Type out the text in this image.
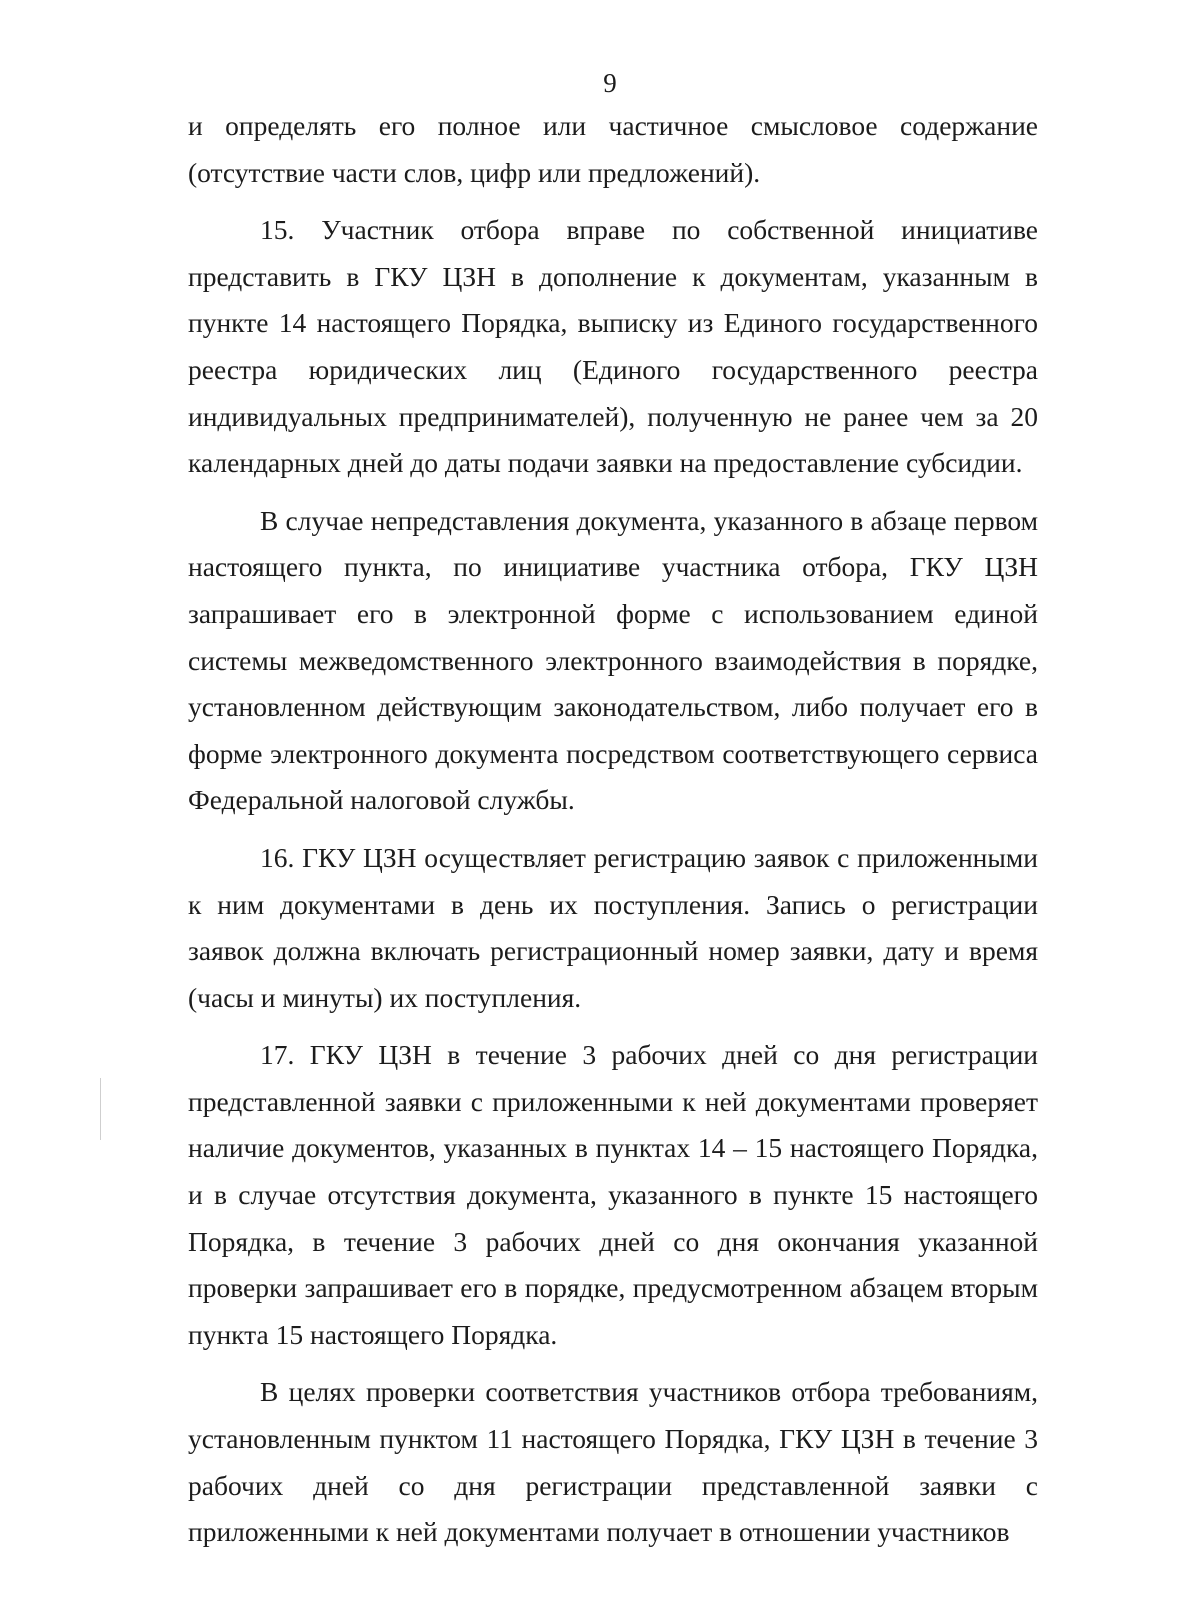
9

и определять его полное или частичное смысловое содержание (отсутствие части слов, цифр или предложений).

15. Участник отбора вправе по собственной инициативе представить в ГКУ ЦЗН в дополнение к документам, указанным в пункте 14 настоящего Порядка, выписку из Единого государственного реестра юридических лиц (Единого государственного реестра индивидуальных предпринимателей), полученную не ранее чем за 20 календарных дней до даты подачи заявки на предоставление субсидии.

В случае непредставления документа, указанного в абзаце первом настоящего пункта, по инициативе участника отбора, ГКУ ЦЗН запрашивает его в электронной форме с использованием единой системы межведомственного электронного взаимодействия в порядке, установленном действующим законодательством, либо получает его в форме электронного документа посредством соответствующего сервиса Федеральной налоговой службы.

16. ГКУ ЦЗН осуществляет регистрацию заявок с приложенными к ним документами в день их поступления. Запись о регистрации заявок должна включать регистрационный номер заявки, дату и время (часы и минуты) их поступления.

17. ГКУ ЦЗН в течение 3 рабочих дней со дня регистрации представленной заявки с приложенными к ней документами проверяет наличие документов, указанных в пунктах 14 – 15 настоящего Порядка, и в случае отсутствия документа, указанного в пункте 15 настоящего Порядка, в течение 3 рабочих дней со дня окончания указанной проверки запрашивает его в порядке, предусмотренном абзацем вторым пункта 15 настоящего Порядка.

В целях проверки соответствия участников отбора требованиям, установленным пунктом 11 настоящего Порядка, ГКУ ЦЗН в течение 3 рабочих дней со дня регистрации представленной заявки с приложенными к ней документами получает в отношении участников
